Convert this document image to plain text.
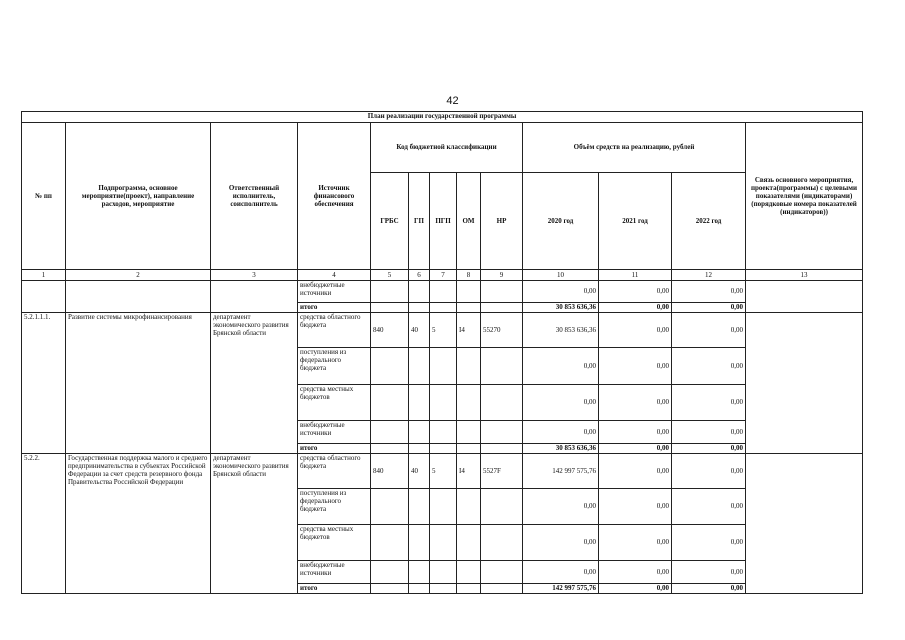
42
План реализации государственной программы												
№ пп	Подпрограмма, основное мероприятие(проект), направление расходов, мероприятие	Ответственный исполнитель, соисполнитель	Источник финансового обеспечения	Код бюджетной классификации					Объём средств на реализацию, рублей			Связь основного мероприятия, проекта(программы) с целевыми показателями (индикаторами) (порядковые номера показателей (индикаторов))
				ГРБС	ГП	ПГП	ОМ	НР	2020 год	2021 год	2022 год	
1	2	3	4	5	6	7	8	9	10	11	12	13
			внебюджетные источники						0,00	0,00	0,00	
			итого						30 853 636,36	0,00	0,00	
5.2.1.1.1.	Развитие системы микрофинансирования	департамент экономического развития Брянской области	средства областного бюджета	840	40	5	I4	55270	30 853 636,36	0,00	0,00	
			поступления из федерального бюджета						0,00	0,00	0,00	
			средства местных бюджетов						0,00	0,00	0,00	
			внебюджетные источники						0,00	0,00	0,00	
			итого						30 853 636,36	0,00	0,00	
5.2.2.	Государственная поддержка малого и среднего предпринимательства в субъектах Российской Федерации за счет средств резервного фонда Правительства Российской Федерации	департамент экономического развития Брянской области	средства областного бюджета	840	40	5	I4	5527F	142 997 575,76	0,00	0,00	
			поступления из федерального бюджета						0,00	0,00	0,00	
			средства местных бюджетов						0,00	0,00	0,00	
			внебюджетные источники						0,00	0,00	0,00	
			итого						142 997 575,76	0,00	0,00	
